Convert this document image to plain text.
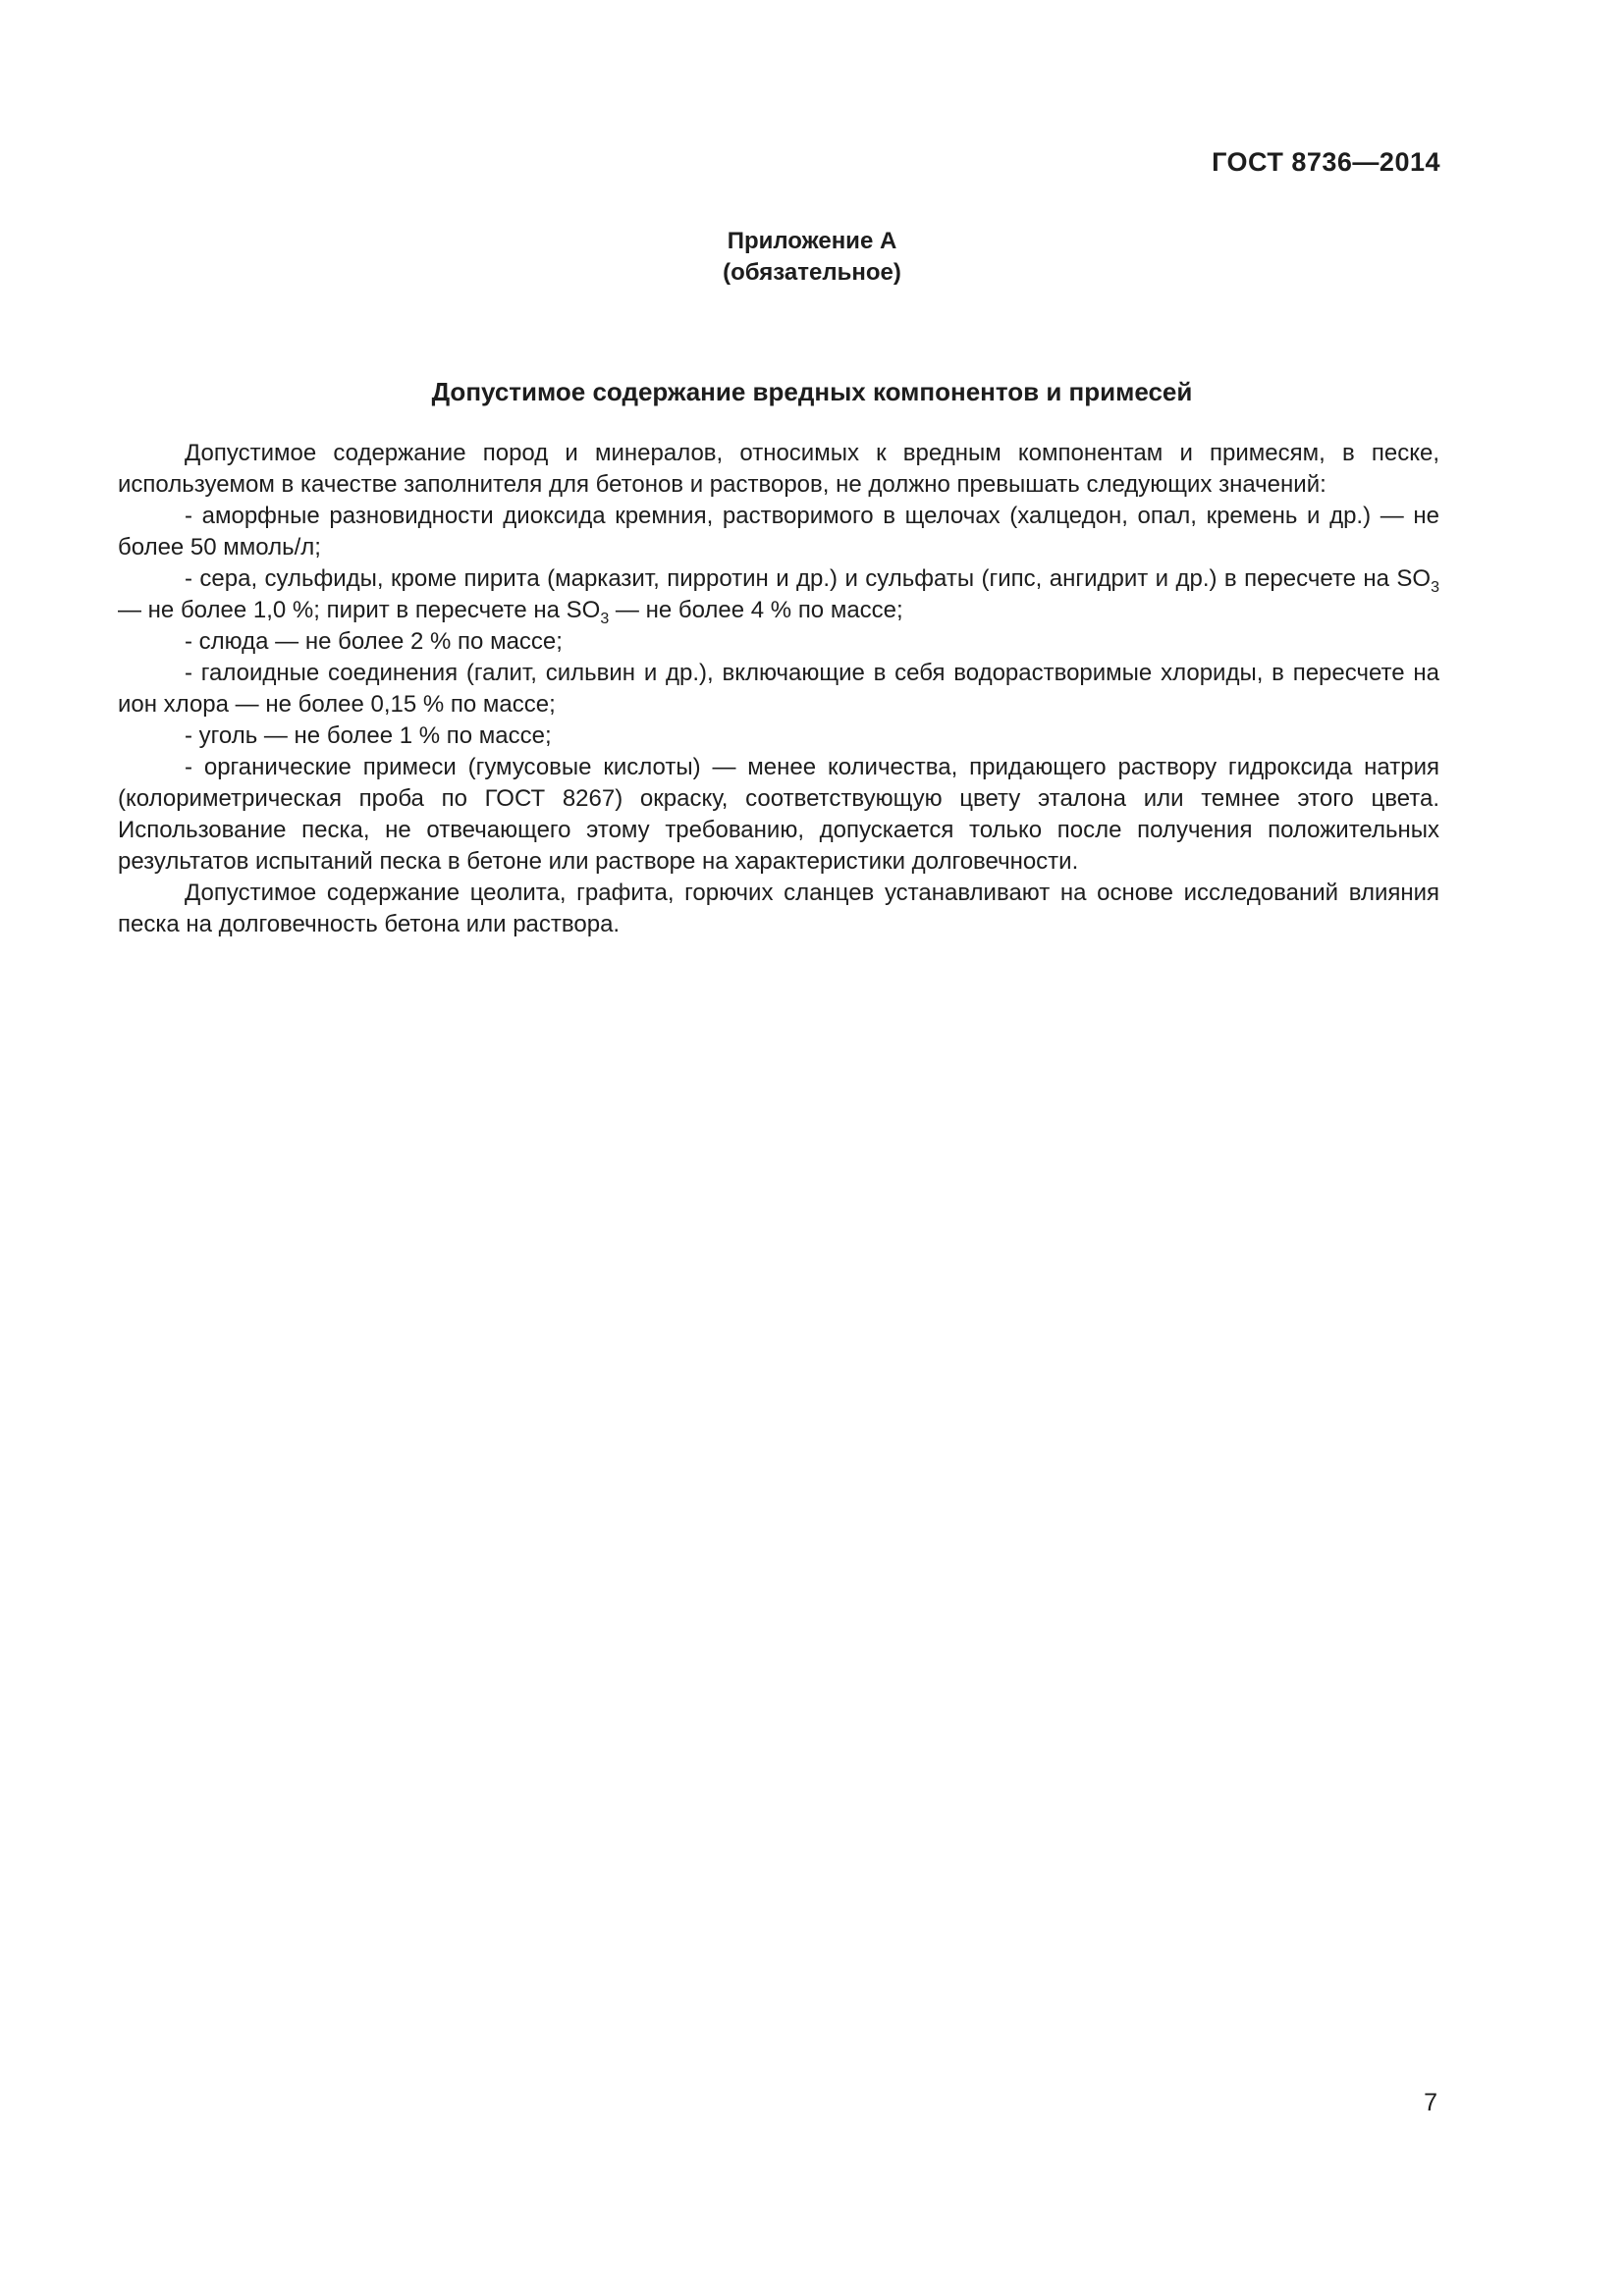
ГОСТ 8736—2014
Приложение А
(обязательное)
Допустимое содержание вредных компонентов и примесей

Допустимое содержание пород и минералов, относимых к вредным компонентам и примесям, в песке, используемом в качестве заполнителя для бетонов и растворов, не должно превышать следующих значений:

- аморфные разновидности диоксида кремния, растворимого в щелочах (халцедон, опал, кремень и др.) — не более 50 ммоль/л;

- сера, сульфиды, кроме пирита (марказит, пирротин и др.) и сульфаты (гипс, ангидрит и др.) в пересчете на $SO_3$ — не более 1,0 %; пирит в пересчете на $SO_3$ — не более 4 % по массе;

- слюда — не более 2 % по массе;

- галоидные соединения (галит, сильвин и др.), включающие в себя водорастворимые хлориды, в пересчете на ион хлора — не более 0,15 % по массе;

- уголь — не более 1 % по массе;

- органические примеси (гумусовые кислоты) — менее количества, придающего раствору гидроксида натрия (колориметрическая проба по ГОСТ 8267) окраску, соответствующую цвету эталона или темнее этого цвета. Использование песка, не отвечающего этому требованию, допускается только после получения положительных результатов испытаний песка в бетоне или растворе на характеристики долговечности.

Допустимое содержание цеолита, графита, горючих сланцев устанавливают на основе исследований влияния песка на долговечность бетона или раствора.

7
